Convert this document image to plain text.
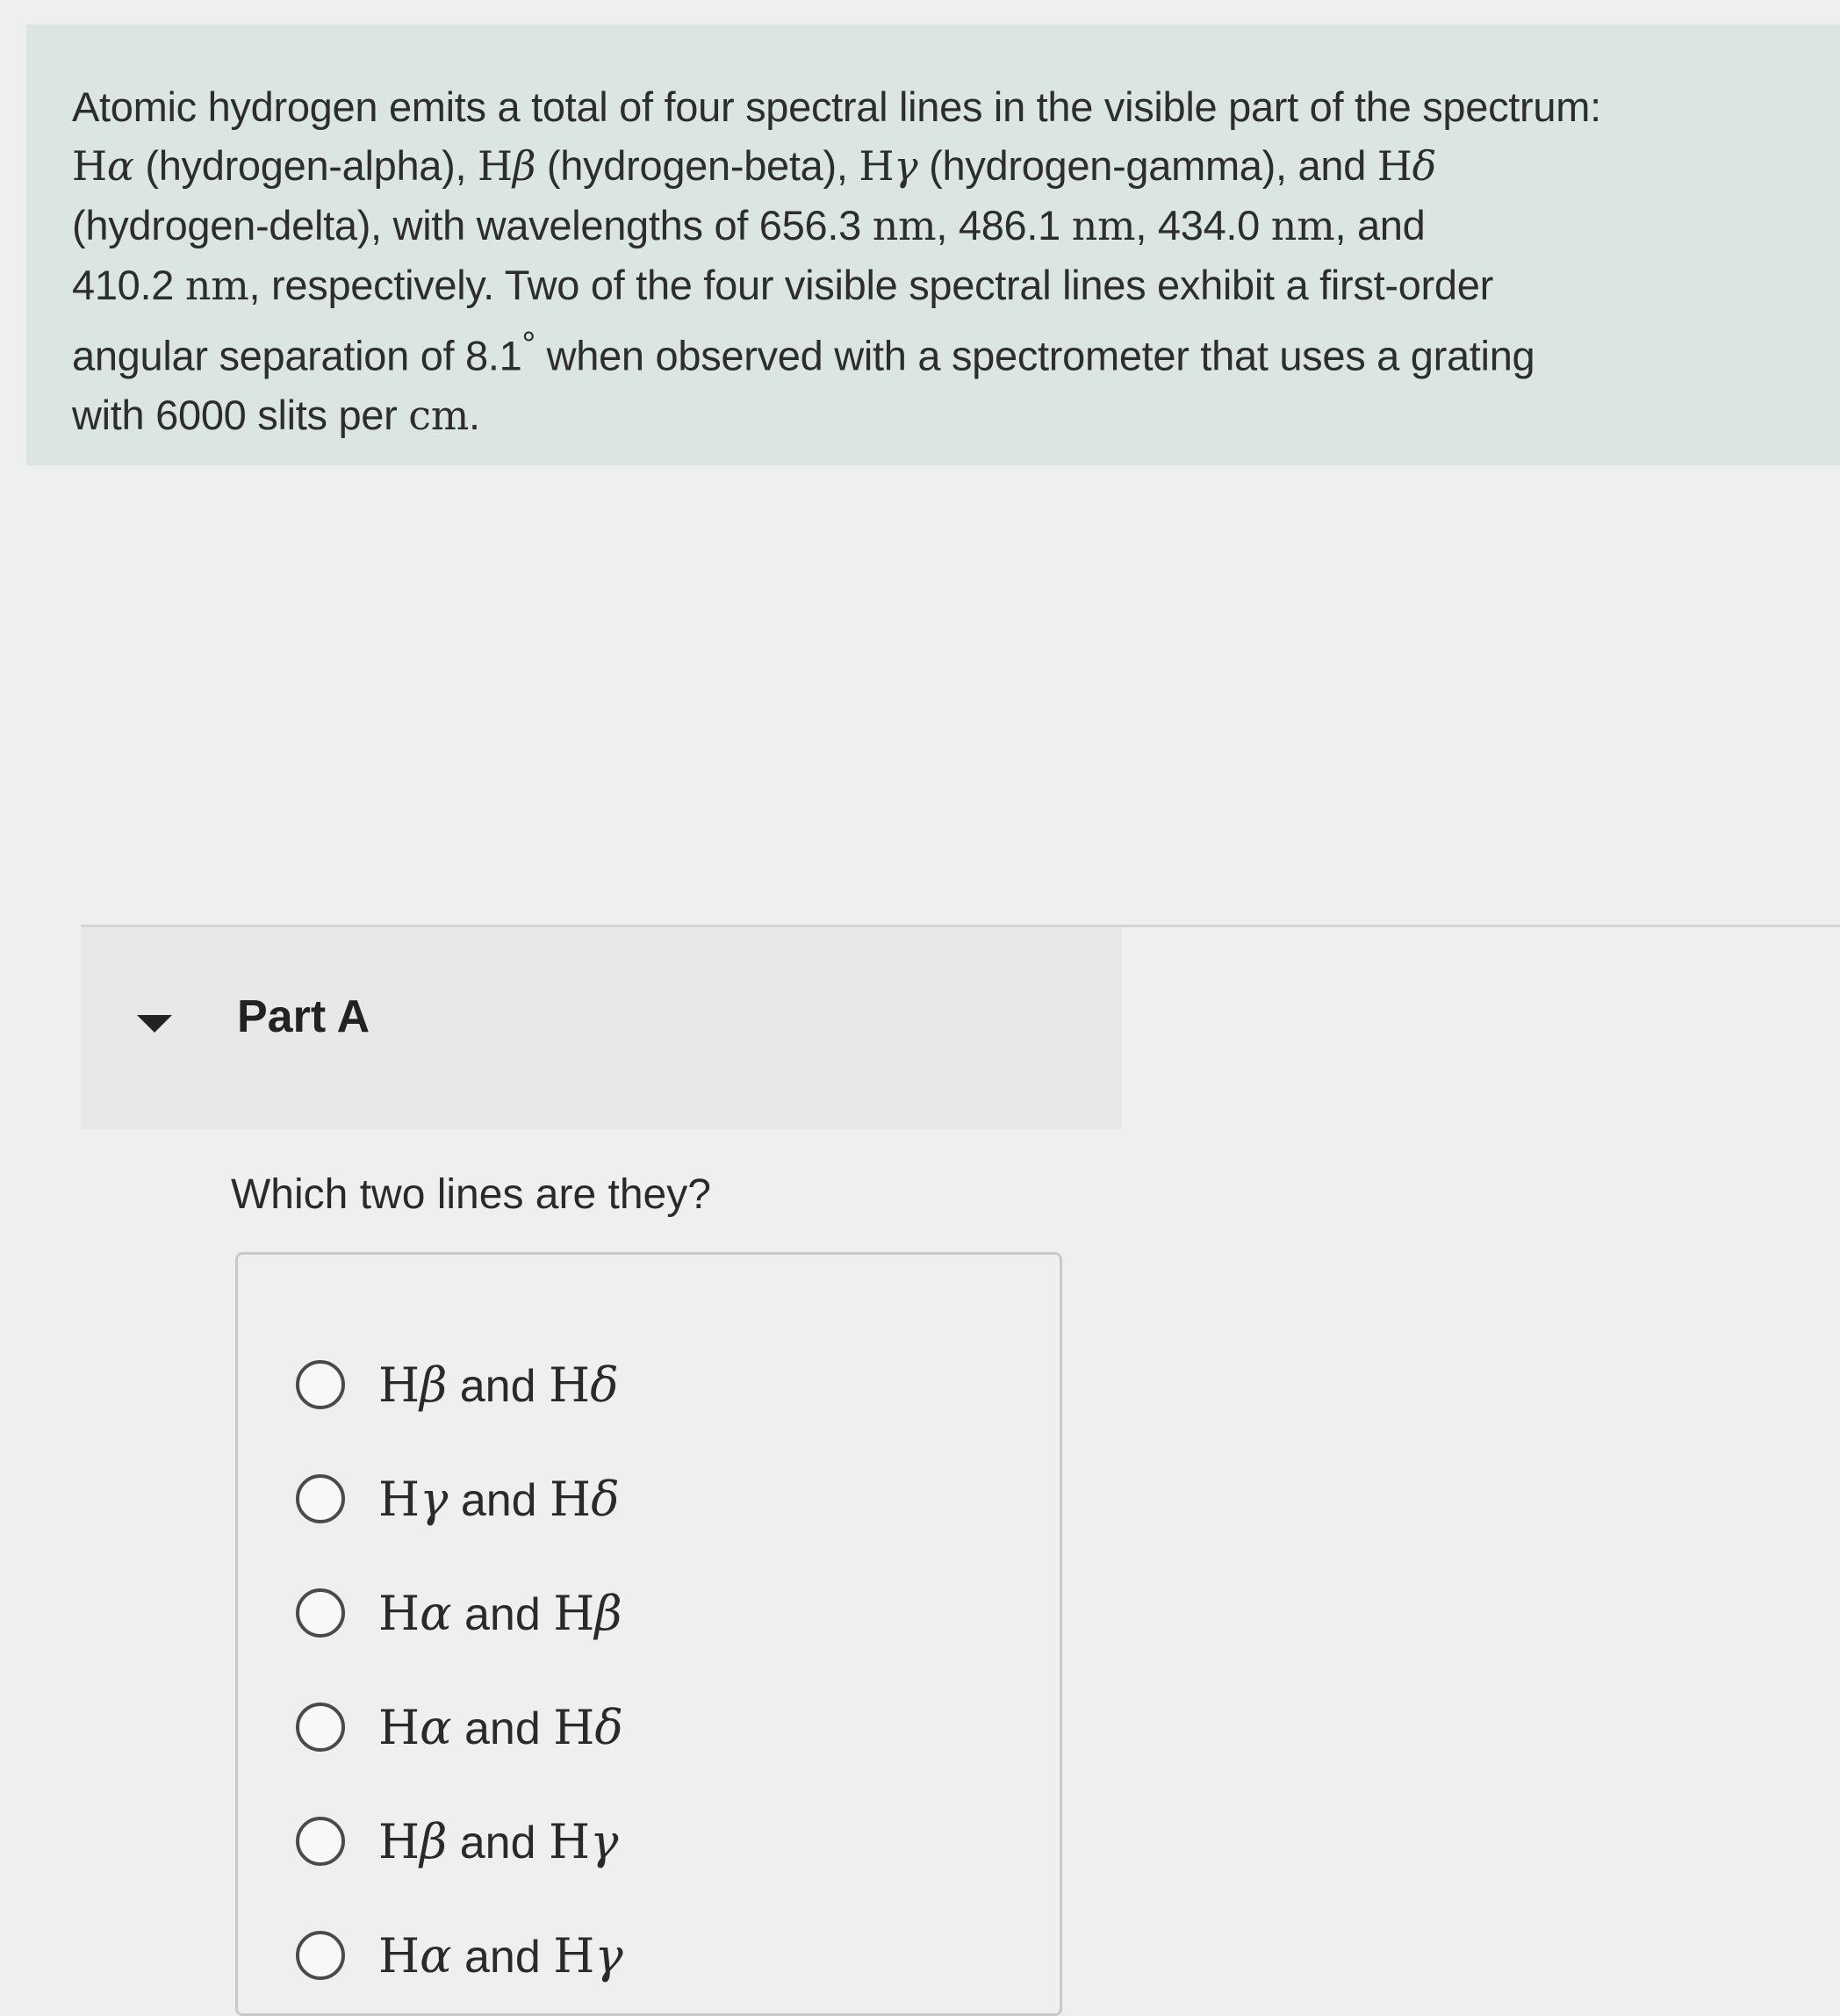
Atomic hydrogen emits a total of four spectral lines in the visible part of the spectrum:
Hα (hydrogen-alpha), Hβ (hydrogen-beta), Hγ (hydrogen-gamma), and Hδ
(hydrogen-delta), with wavelengths of 656.3 nm, 486.1 nm, 434.0 nm, and
410.2 nm, respectively. Two of the four visible spectral lines exhibit a first-order
angular separation of 8.1° when observed with a spectrometer that uses a grating
with 6000 slits per cm.
Part A
Which two lines are they?
Hβ and Hδ
Hγ and Hδ
Hα and Hβ
Hα and Hδ
Hβ and Hγ
Hα and Hγ
